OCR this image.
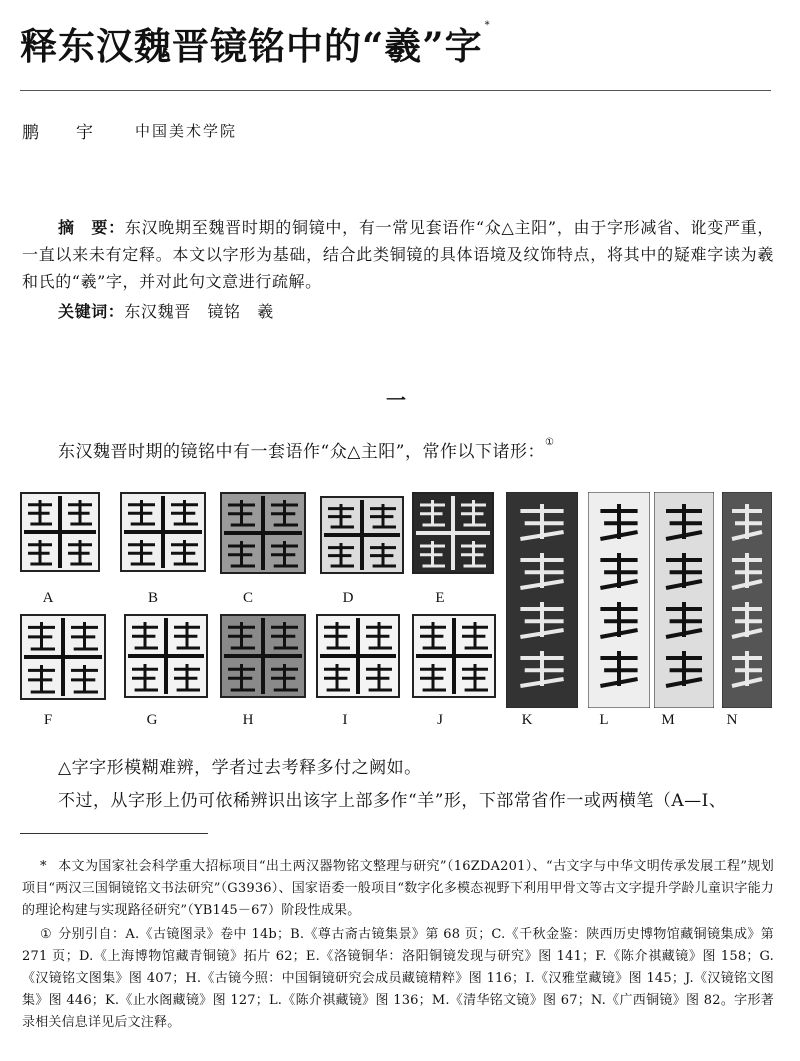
释东汉魏晋镜铭中的“羲”字 *
鹏　宇 中国美术学院

摘　要：东汉晚期至魏晋时期的铜镜中，有一常见套语作“众△主阳”，由于字形减省、讹变严重，一直以来未有定释。本文以字形为基础，结合此类铜镜的具体语境及纹饰特点，将其中的疑难字读为羲和氏的“羲”字，并对此句文意进行疏解。

关键词：东汉魏晋　镜铭　羲

一
东汉魏晋时期的镜铭中有一套语作“众△主阳”，常作以下诸形：①
A	B	C	D	E
F	G	H	I	J	K	L	M	N
△字字形模糊难辨，学者过去考释多付之阙如。
不过，从字形上仍可依稀辨识出该字上部多作“羊”形，下部常省作一或两横笔（A—I、
* 本文为国家社会科学重大招标项目“出土两汉器物铭文整理与研究”（16ZDA201）、“古文字与中华文明传承发展工程”规划项目“两汉三国铜镜铭文书法研究”（G3936）、国家语委一般项目“数字化多模态视野下利用甲骨文等古文字提升学龄儿童识字能力的理论构建与实现路径研究”（YB145－67）阶段性成果。
① 分别引自：A.《古镜图录》卷中 14b；B.《尊古斋古镜集景》第 68 页；C.《千秋金鉴：陕西历史博物馆藏铜镜集成》第 271 页；D.《上海博物馆藏青铜镜》拓片 62；E.《洛镜铜华：洛阳铜镜发现与研究》图 141；F.《陈介祺藏镜》图 158；G.《汉镜铭文图集》图 407；H.《古镜今照：中国铜镜研究会成员藏镜精粹》图 116；I.《汉雅堂藏镜》图 145；J.《汉镜铭文图集》图 446；K.《止水阁藏镜》图 127；L.《陈介祺藏镜》图 136；M.《清华铭文镜》图 67；N.《广西铜镜》图 82。字形著录相关信息详见后文注释。
